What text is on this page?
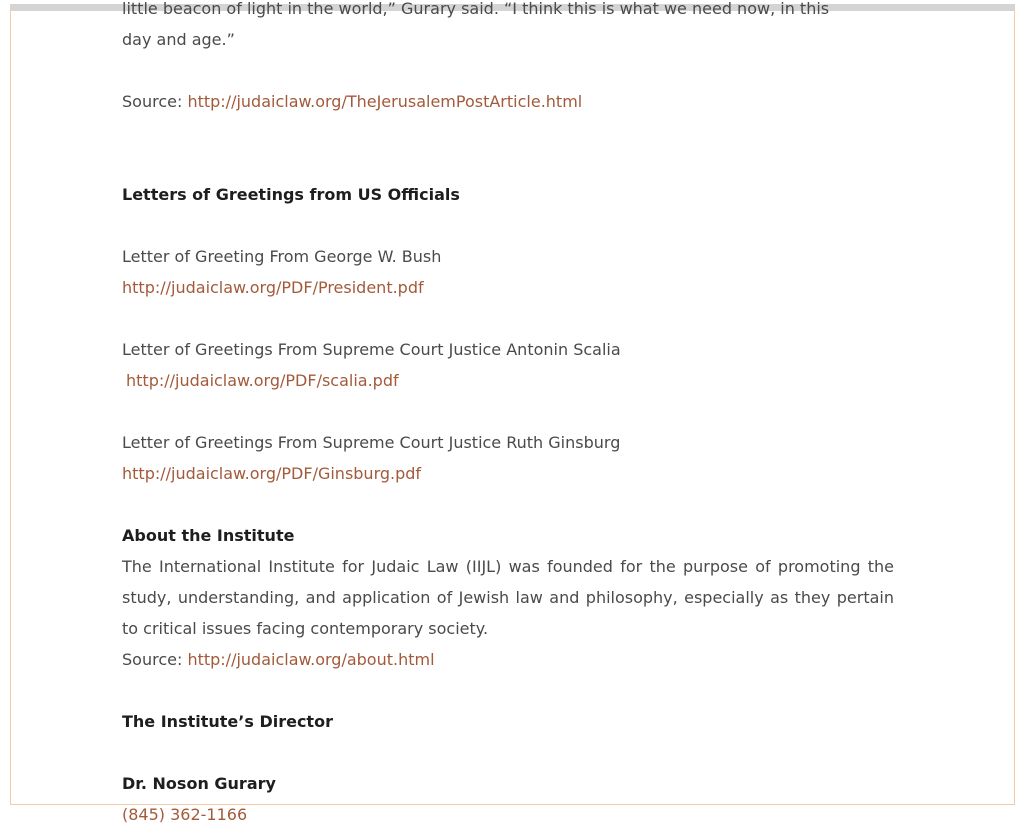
little beacon of light in the world,” Gurary said. “I think this is what we need now, in this

day and age.”

Source: http://judaiclaw.org/TheJerusalemPostArticle.html

Letters of Greetings from US Officials

Letter of Greeting From George W. Bush

http://judaiclaw.org/PDF/President.pdf

Letter of Greetings From Supreme Court Justice Antonin Scalia

http://judaiclaw.org/PDF/scalia.pdf

Letter of Greetings From Supreme Court Justice Ruth Ginsburg

http://judaiclaw.org/PDF/Ginsburg.pdf

About the Institute

The International Institute for Judaic Law (IIJL) was founded for the purpose of promoting the study, understanding, and application of Jewish law and philosophy, especially as they pertain to critical issues facing contemporary society.

Source: http://judaiclaw.org/about.html

The Institute’s Director

Dr. Noson Gurary

(845) 362-1166
